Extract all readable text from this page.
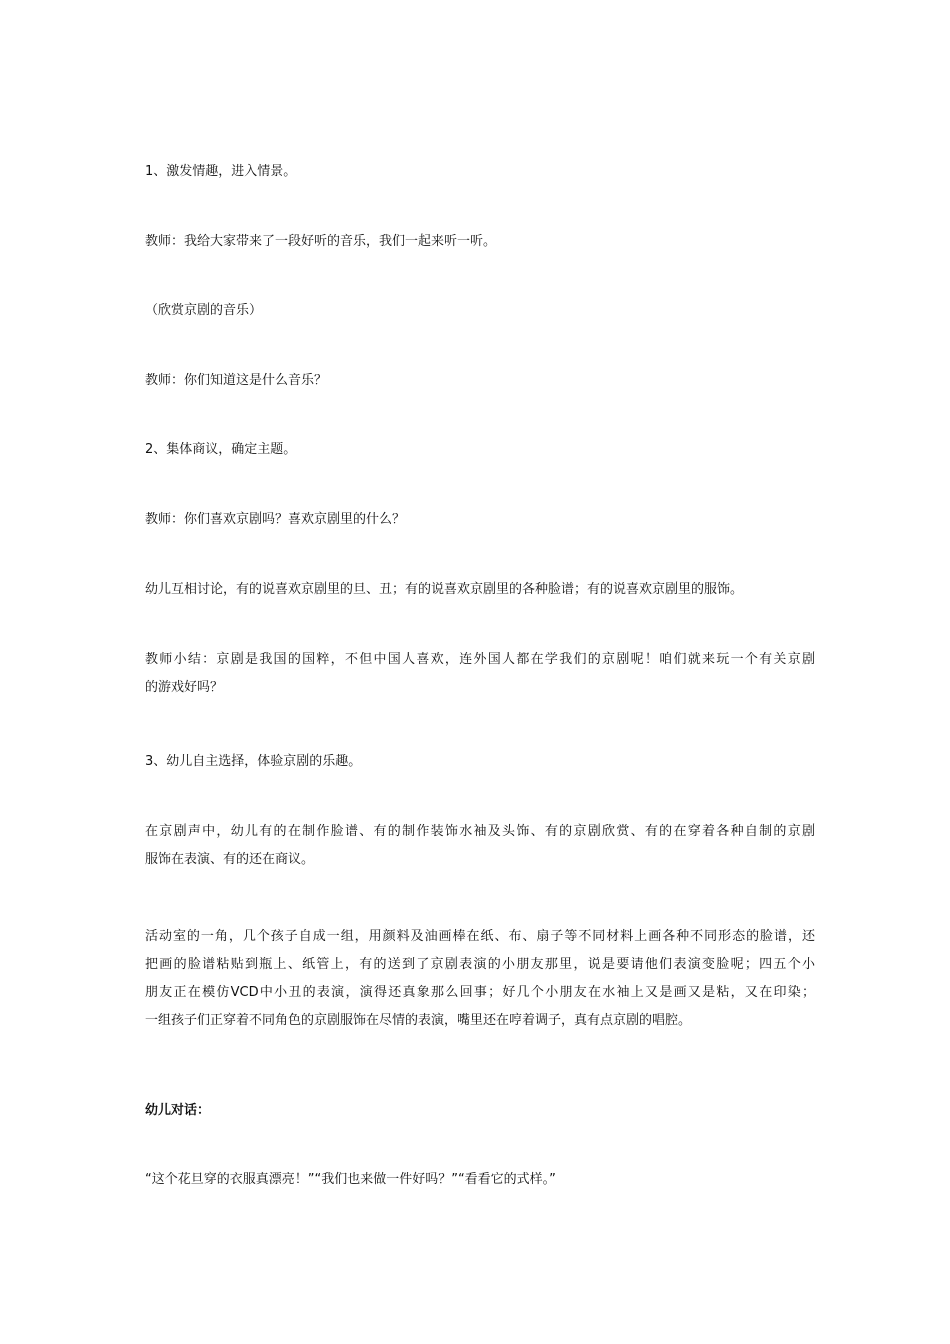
1、激发情趣，进入情景。
教师：我给大家带来了一段好听的音乐，我们一起来听一听。
（欣赏京剧的音乐）
教师：你们知道这是什么音乐？
2、集体商议，确定主题。
教师：你们喜欢京剧吗？喜欢京剧里的什么？
幼儿互相讨论，有的说喜欢京剧里的旦、丑；有的说喜欢京剧里的各种脸谱；有的说喜欢京剧里的服饰。
教师小结：京剧是我国的国粹，不但中国人喜欢，连外国人都在学我们的京剧呢！咱们就来玩一个有关京剧
的游戏好吗？
3、幼儿自主选择，体验京剧的乐趣。
在京剧声中，幼儿有的在制作脸谱、有的制作装饰水袖及头饰、有的京剧欣赏、有的在穿着各种自制的京剧
服饰在表演、有的还在商议。
活动室的一角，几个孩子自成一组，用颜料及油画棒在纸、布、扇子等不同材料上画各种不同形态的脸谱，还
把画的脸谱粘贴到瓶上、纸管上，有的送到了京剧表演的小朋友那里，说是要请他们表演变脸呢；四五个小
朋友正在模仿VCD中小丑的表演，演得还真象那么回事；好几个小朋友在水袖上又是画又是粘，又在印染；
一组孩子们正穿着不同角色的京剧服饰在尽情的表演，嘴里还在哼着调子，真有点京剧的唱腔。
幼儿对话：
“这个花旦穿的衣服真漂亮！”“我们也来做一件好吗？”“看看它的式样。”
